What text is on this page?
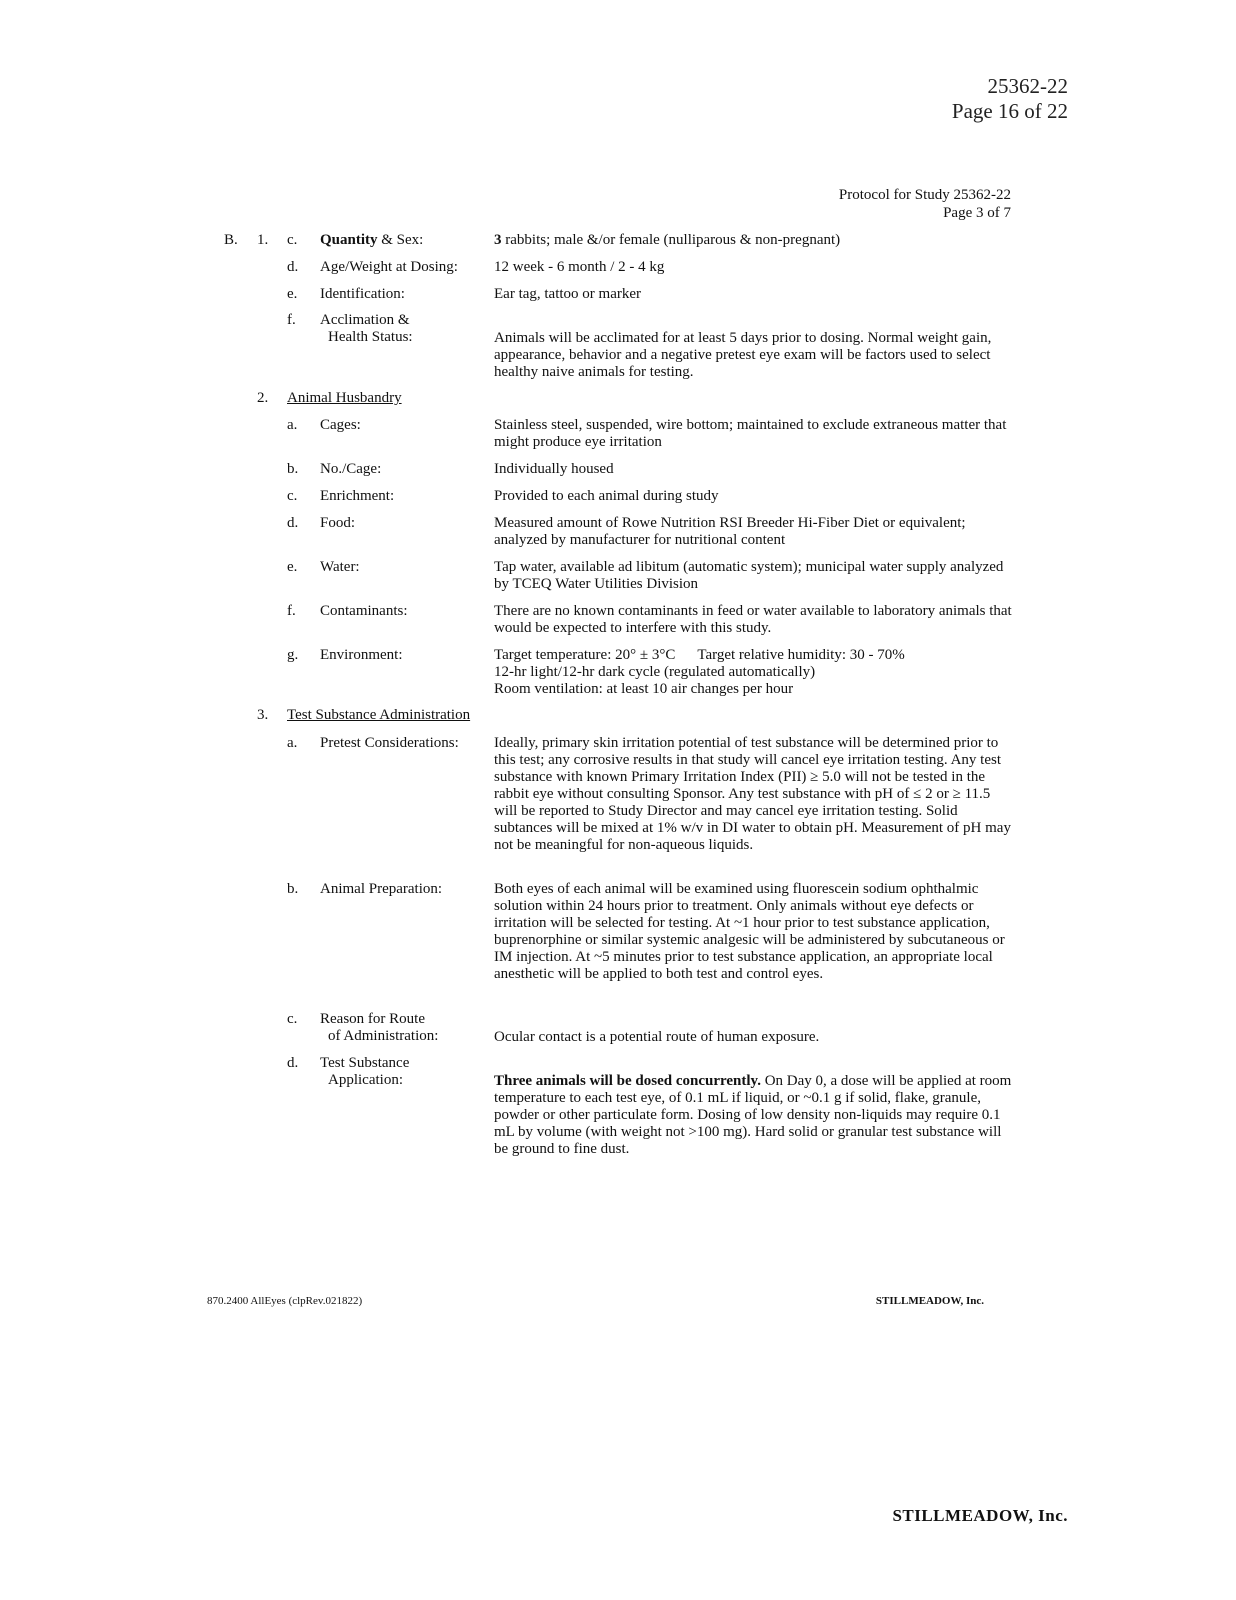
25362-22
Page 16 of 22
Protocol for Study 25362-22
Page 3 of 7
B. 1. c. Quantity & Sex:	3 rabbits; male &/or female (nulliparous & non-pregnant)
d. Age/Weight at Dosing: 12 week - 6 month / 2 - 4 kg
e. Identification:	Ear tag, tattoo or marker
f. Acclimation &
Health Status:	Animals will be acclimated for at least 5 days prior to dosing. Normal weight gain, appearance, behavior and a negative pretest eye exam will be factors used to select healthy naive animals for testing.
2. Animal Husbandry
a. Cages:	Stainless steel, suspended, wire bottom; maintained to exclude extraneous matter that might produce eye irritation
b. No./Cage:	Individually housed
c. Enrichment:	Provided to each animal during study
d. Food:	Measured amount of Rowe Nutrition RSI Breeder Hi-Fiber Diet or equivalent; analyzed by manufacturer for nutritional content
e. Water:	Tap water, available ad libitum (automatic system); municipal water supply analyzed by TCEQ Water Utilities Division
f. Contaminants:	There are no known contaminants in feed or water available to laboratory animals that would be expected to interfere with this study.
g. Environment:	Target temperature: 20° ± 3°C Target relative humidity: 30 - 70%
12-hr light/12-hr dark cycle (regulated automatically)
Room ventilation: at least 10 air changes per hour
3. Test Substance Administration
a. Pretest Considerations: Ideally, primary skin irritation potential of test substance will be determined prior to this test; any corrosive results in that study will cancel eye irritation testing. Any test substance with known Primary Irritation Index (PII) ≥ 5.0 will not be tested in the rabbit eye without consulting Sponsor. Any test substance with pH of ≤ 2 or ≥ 11.5 will be reported to Study Director and may cancel eye irritation testing. Solid subtances will be mixed at 1% w/v in DI water to obtain pH. Measurement of pH may not be meaningful for non-aqueous liquids.
b. Animal Preparation:	Both eyes of each animal will be examined using fluorescein sodium ophthalmic solution within 24 hours prior to treatment. Only animals without eye defects or irritation will be selected for testing. At ~1 hour prior to test substance application, buprenorphine or similar systemic analgesic will be administered by subcutaneous or IM injection. At ~5 minutes prior to test substance application, an appropriate local anesthetic will be applied to both test and control eyes.
c. Reason for Route
of Administration:	Ocular contact is a potential route of human exposure.
d. Test Substance
Application:	Three animals will be dosed concurrently. On Day 0, a dose will be applied at room temperature to each test eye, of 0.1 mL if liquid, or ~0.1 g if solid, flake, granule, powder or other particulate form. Dosing of low density non-liquids may require 0.1 mL by volume (with weight not >100 mg). Hard solid or granular test substance will be ground to fine dust.
870.2400 AllEyes (clpRev.021822)	STILLMEADOW, Inc.
STILLMEADOW, Inc.
